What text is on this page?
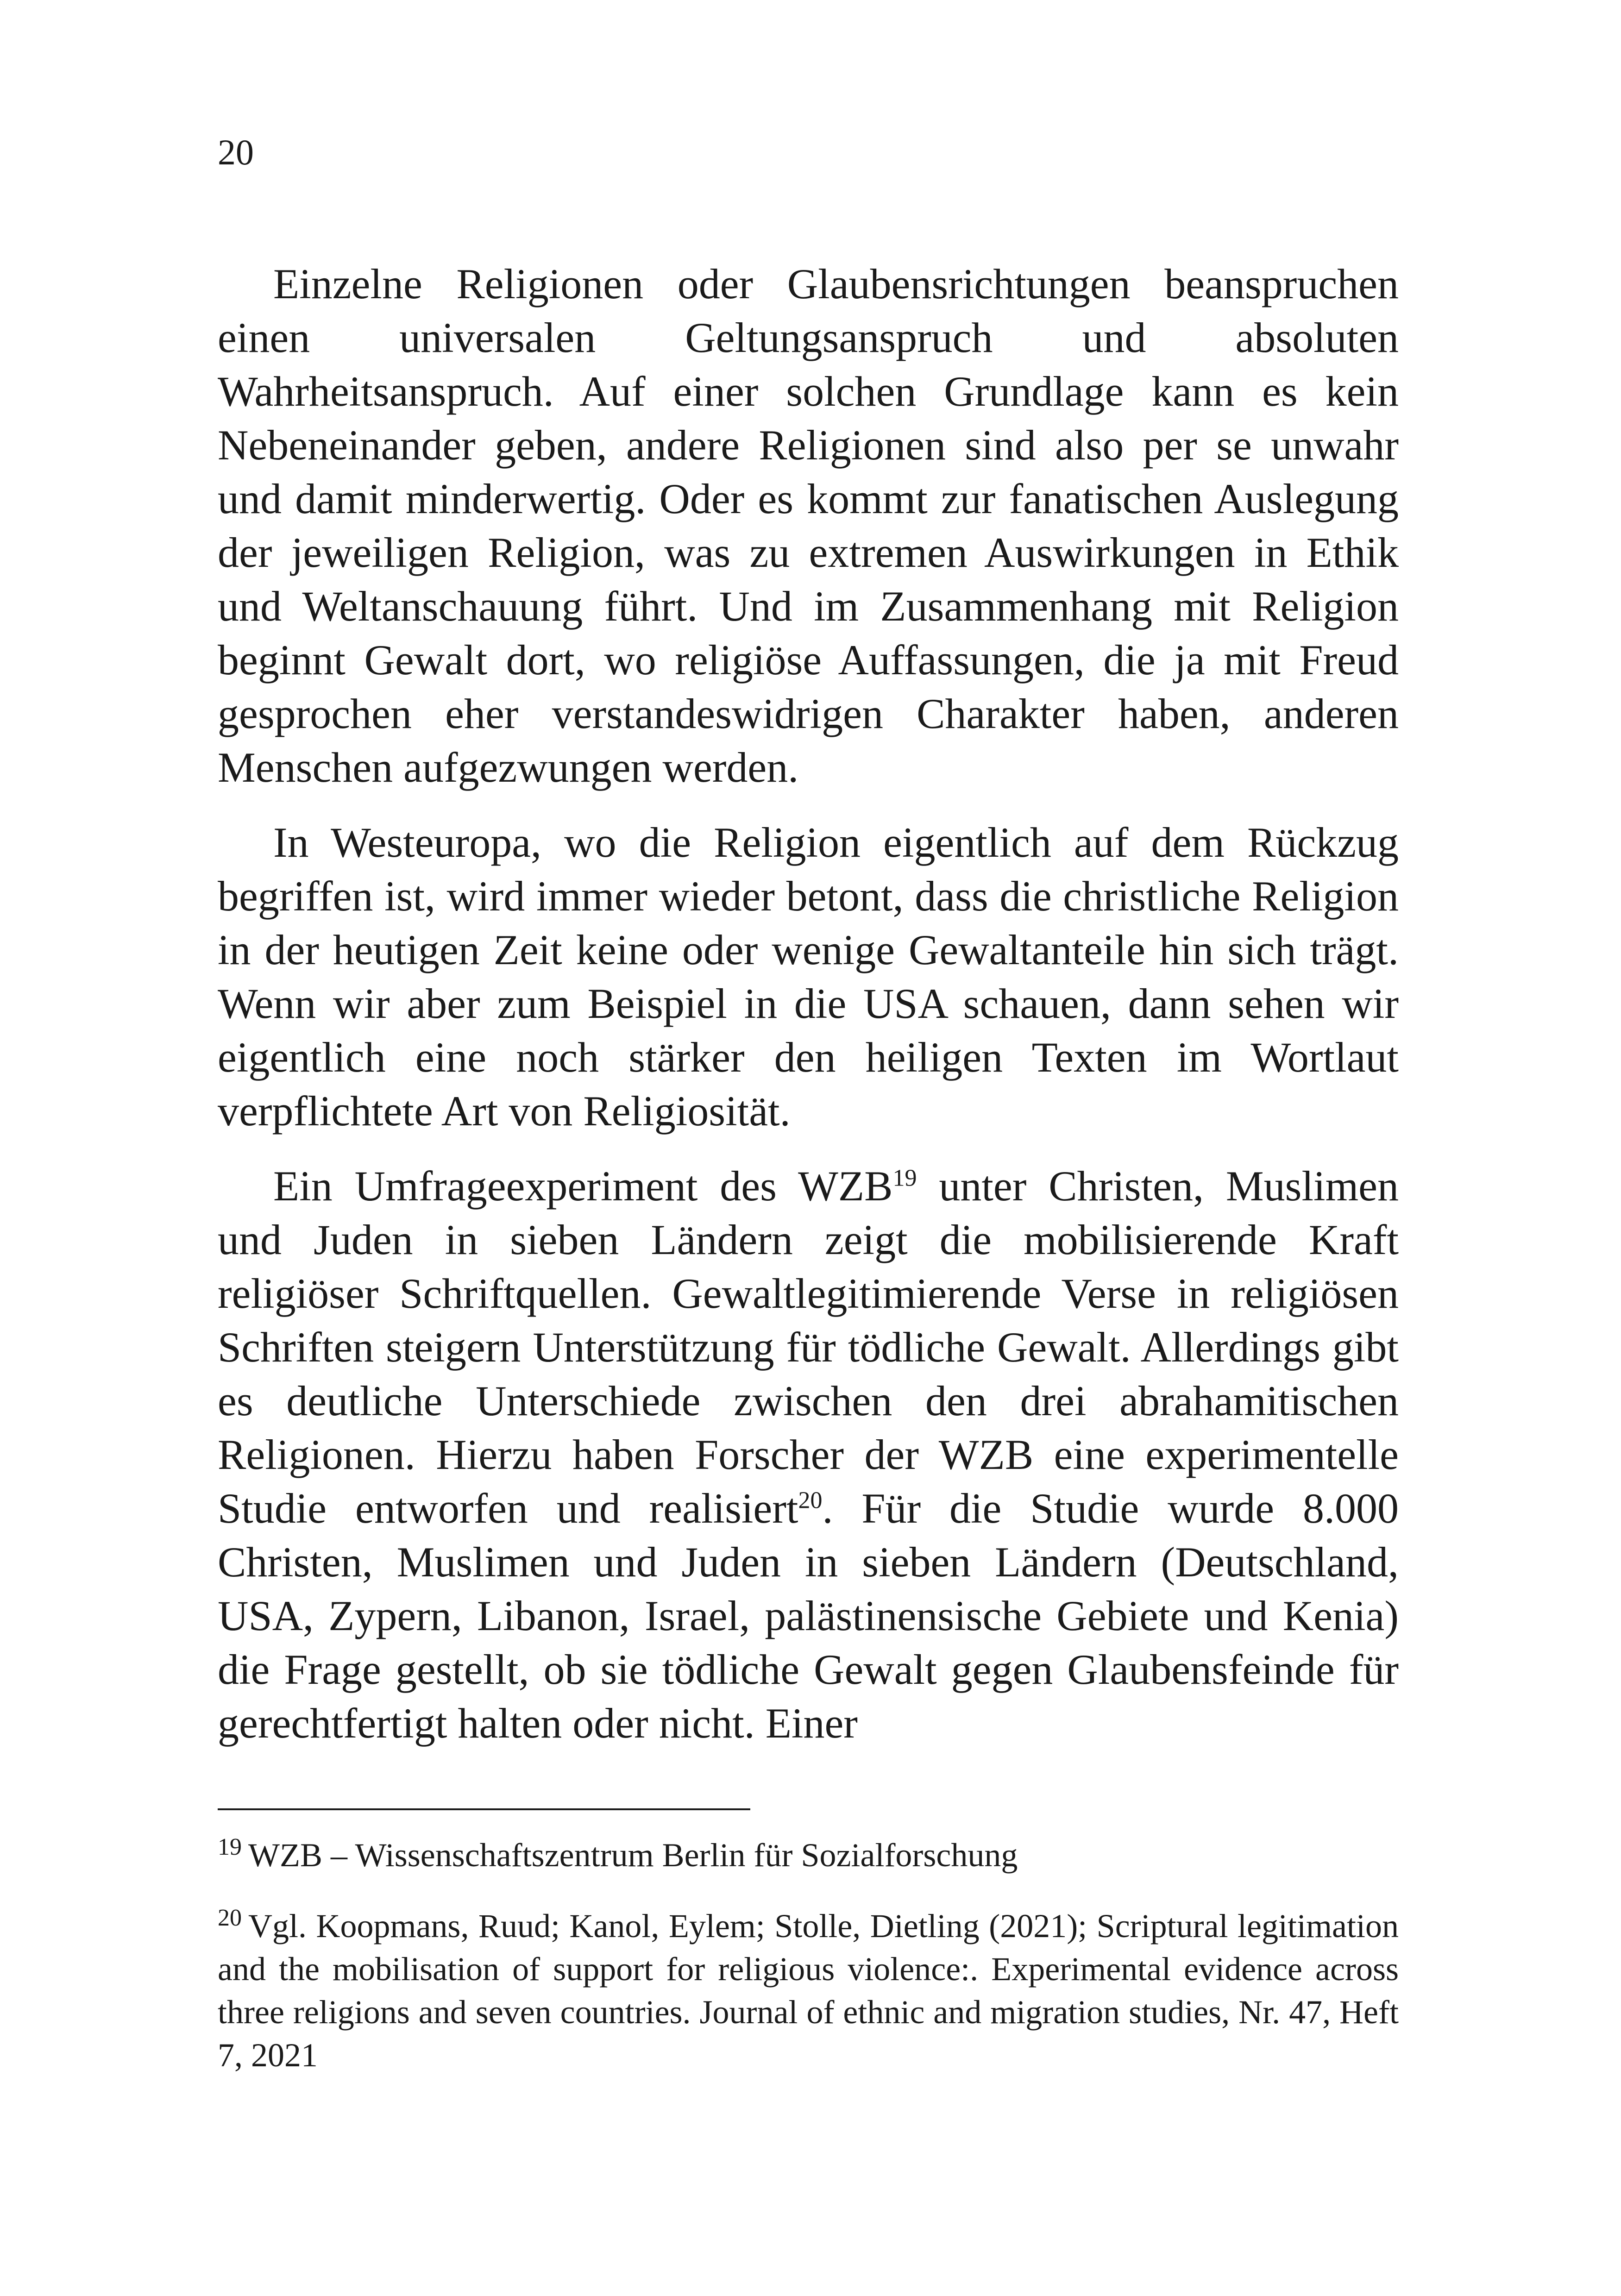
20

Einzelne Religionen oder Glaubensrichtungen beanspruchen einen universalen Geltungsanspruch und absoluten Wahrheitsanspruch. Auf einer solchen Grundlage kann es kein Nebeneinander geben, andere Religionen sind also per se unwahr und damit minderwertig. Oder es kommt zur fanatischen Auslegung der jeweiligen Religion, was zu extremen Auswirkungen in Ethik und Weltanschauung führt. Und im Zusammenhang mit Religion beginnt Gewalt dort, wo religiöse Auffassungen, die ja mit Freud gesprochen eher verstandeswidrigen Charakter haben, anderen Menschen aufgezwungen werden.

In Westeuropa, wo die Religion eigentlich auf dem Rückzug begriffen ist, wird immer wieder betont, dass die christliche Religion in der heutigen Zeit keine oder wenige Gewaltanteile hin sich trägt. Wenn wir aber zum Beispiel in die USA schauen, dann sehen wir eigentlich eine noch stärker den heiligen Texten im Wortlaut verpflichtete Art von Religiosität.

Ein Umfrageexperiment des WZB$^{19}$ unter Christen, Muslimen und Juden in sieben Ländern zeigt die mobilisierende Kraft religiöser Schriftquellen. Gewaltlegitimierende Verse in religiösen Schriften steigern Unterstützung für tödliche Gewalt. Allerdings gibt es deutliche Unterschiede zwischen den drei abrahamitischen Religionen. Hierzu haben Forscher der WZB eine experimentelle Studie entworfen und realisiert$^{20}$. Für die Studie wurde 8.000 Christen, Muslimen und Juden in sieben Ländern (Deutschland, USA, Zypern, Libanon, Israel, palästinensische Gebiete und Kenia) die Frage gestellt, ob sie tödliche Gewalt gegen Glaubensfeinde für gerechtfertigt halten oder nicht. Einer

$^{19}$ WZB – Wissenschaftszentrum Berlin für Sozialforschung
$^{20}$ Vgl. Koopmans, Ruud; Kanol, Eylem; Stolle, Dietling (2021); Scriptural legitimation and the mobilisation of support for religious violence:. Experimental evidence across three religions and seven countries. Journal of ethnic and migration studies, Nr. 47, Heft 7, 2021
